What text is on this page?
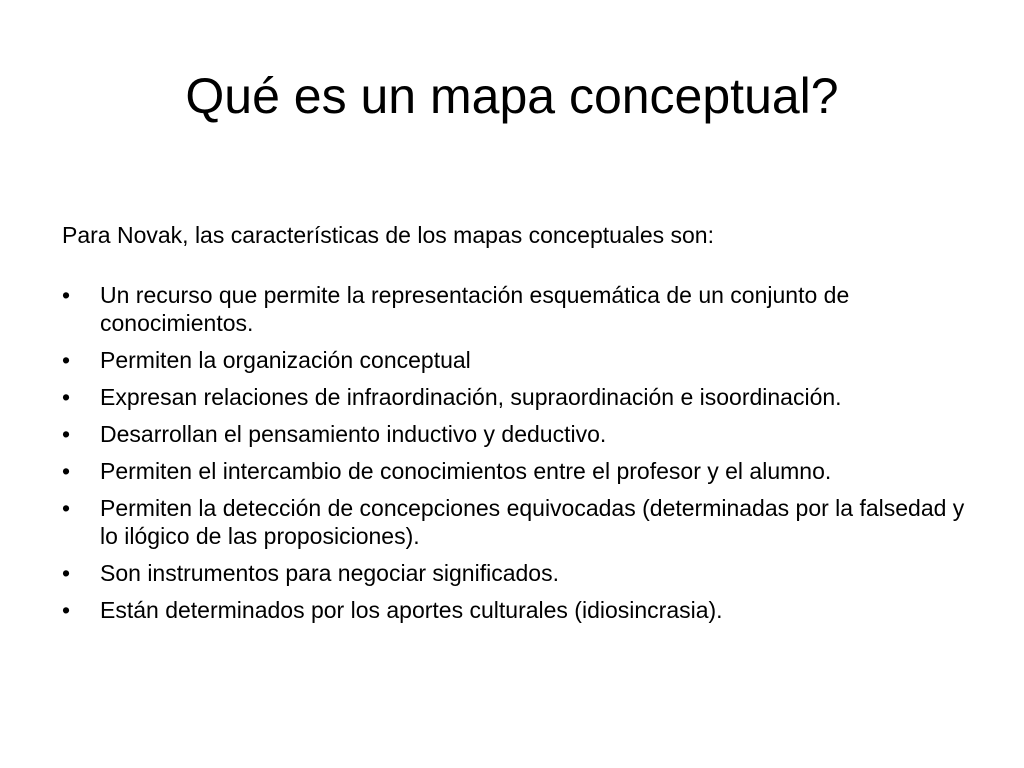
Qué es un mapa conceptual?

Para Novak, las características de los mapas conceptuales son:

•	Un recurso que permite la representación esquemática de un conjunto de conocimientos.
•	Permiten la organización conceptual
•	Expresan relaciones de infraordinación, supraordinación e isoordinación.
•	Desarrollan el pensamiento inductivo y deductivo.
•	Permiten el intercambio de conocimientos entre el profesor y el alumno.
•	Permiten la detección de concepciones equivocadas (determinadas por la falsedad y lo ilógico de las proposiciones).
•	Son instrumentos para negociar significados.
•	Están determinados por los aportes culturales (idiosincrasia).
